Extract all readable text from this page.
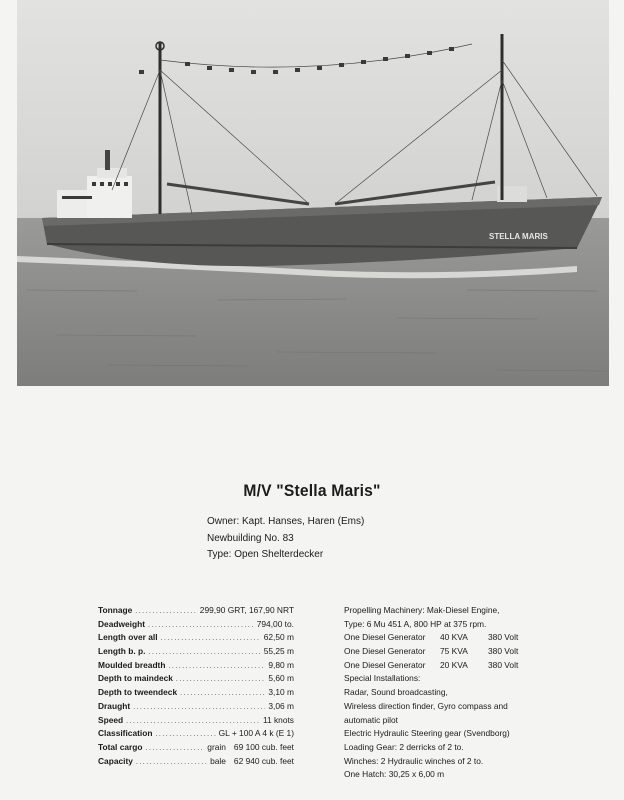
STELLA MARIS
M/V "Stella Maris"
Owner: Kapt. Hanses, Haren (Ems)
Newbuilding No. 83
Type: Open Shelterdecker
Tonnage .....	299,90 GRT, 167,90 NRT
Deadweight .....	794,00 to.
Length over all .....	62,50 m
Length b. p. .....	55,25 m
Moulded breadth .....	9,80 m
Depth to maindeck .....	5,60 m
Depth to tweendeck .....	3,10 m
Draught .....	3,06 m
Speed .....	11 knots
Classification .....	GL + 100 A 4 k (E 1)
Total cargo .....	grain 69 100 cub. feet
Capacity .....	bale 62 940 cub. feet
Propelling Machinery: Mak-Diesel Engine,
Type: 6 Mu 451 A, 800 HP at 375 rpm.
One Diesel Generator	40 KVA	380 Volt
One Diesel Generator	75 KVA	380 Volt
One Diesel Generator	20 KVA	380 Volt
Special Installations:
Radar, Sound broadcasting,
Wireless direction finder, Gyro compass and
automatic pilot
Electric Hydraulic Steering gear (Svendborg)
Loading Gear: 2 derricks of 2 to.
Winches: 2 Hydraulic winches of 2 to.
One Hatch: 30,25 x 6,00 m
